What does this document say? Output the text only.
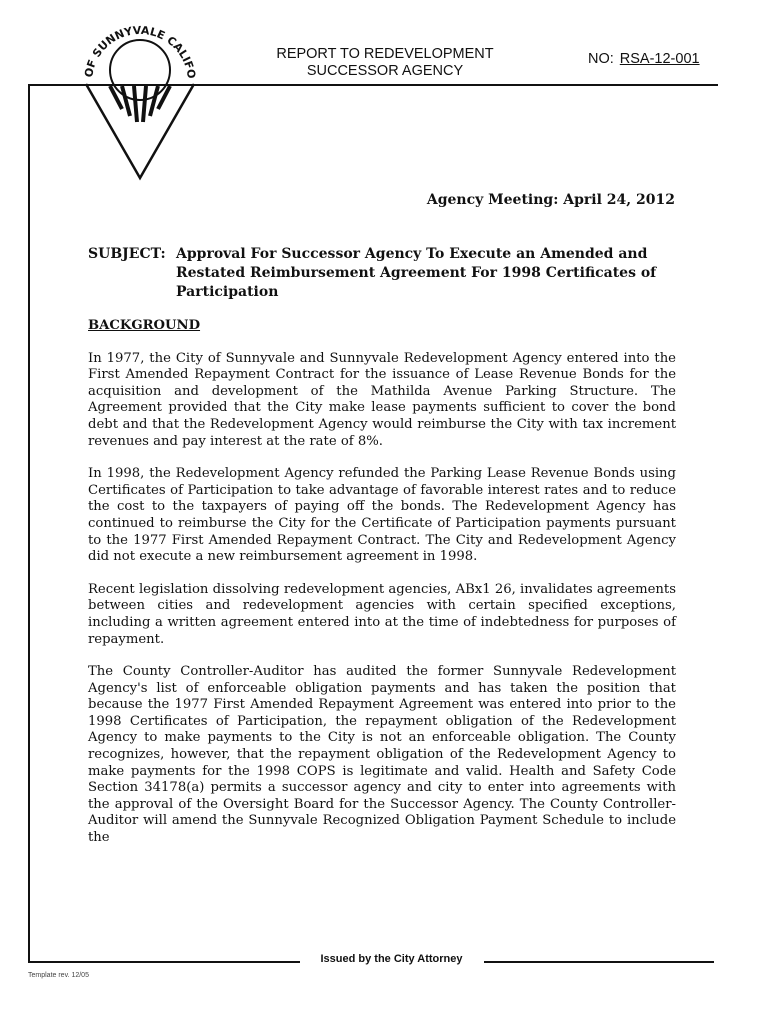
OF SUNNYVALE CALIFO
REPORT TO REDEVELOPMENT
SUCCESSOR AGENCY
NO: RSA-12-001
Agency Meeting: April 24, 2012
SUBJECT: Approval For Successor Agency To Execute an Amended and Restated Reimbursement Agreement For 1998 Certificates of Participation

BACKGROUND

In 1977, the City of Sunnyvale and Sunnyvale Redevelopment Agency entered into the First Amended Repayment Contract for the issuance of Lease Revenue Bonds for the acquisition and development of the Mathilda Avenue Parking Structure. The Agreement provided that the City make lease payments sufficient to cover the bond debt and that the Redevelopment Agency would reimburse the City with tax increment revenues and pay interest at the rate of 8%.

In 1998, the Redevelopment Agency refunded the Parking Lease Revenue Bonds using Certificates of Participation to take advantage of favorable interest rates and to reduce the cost to the taxpayers of paying off the bonds. The Redevelopment Agency has continued to reimburse the City for the Certificate of Participation payments pursuant to the 1977 First Amended Repayment Contract. The City and Redevelopment Agency did not execute a new reimbursement agreement in 1998.

Recent legislation dissolving redevelopment agencies, ABx1 26, invalidates agreements between cities and redevelopment agencies with certain specified exceptions, including a written agreement entered into at the time of indebtedness for purposes of repayment.

The County Controller-Auditor has audited the former Sunnyvale Redevelopment Agency's list of enforceable obligation payments and has taken the position that because the 1977 First Amended Repayment Agreement was entered into prior to the 1998 Certificates of Participation, the repayment obligation of the Redevelopment Agency to make payments to the City is not an enforceable obligation. The County recognizes, however, that the repayment obligation of the Redevelopment Agency to make payments for the 1998 COPS is legitimate and valid. Health and Safety Code Section 34178(a) permits a successor agency and city to enter into agreements with the approval of the Oversight Board for the Successor Agency. The County Controller-Auditor will amend the Sunnyvale Recognized Obligation Payment Schedule to include the

Issued by the City Attorney
Template rev. 12/05
